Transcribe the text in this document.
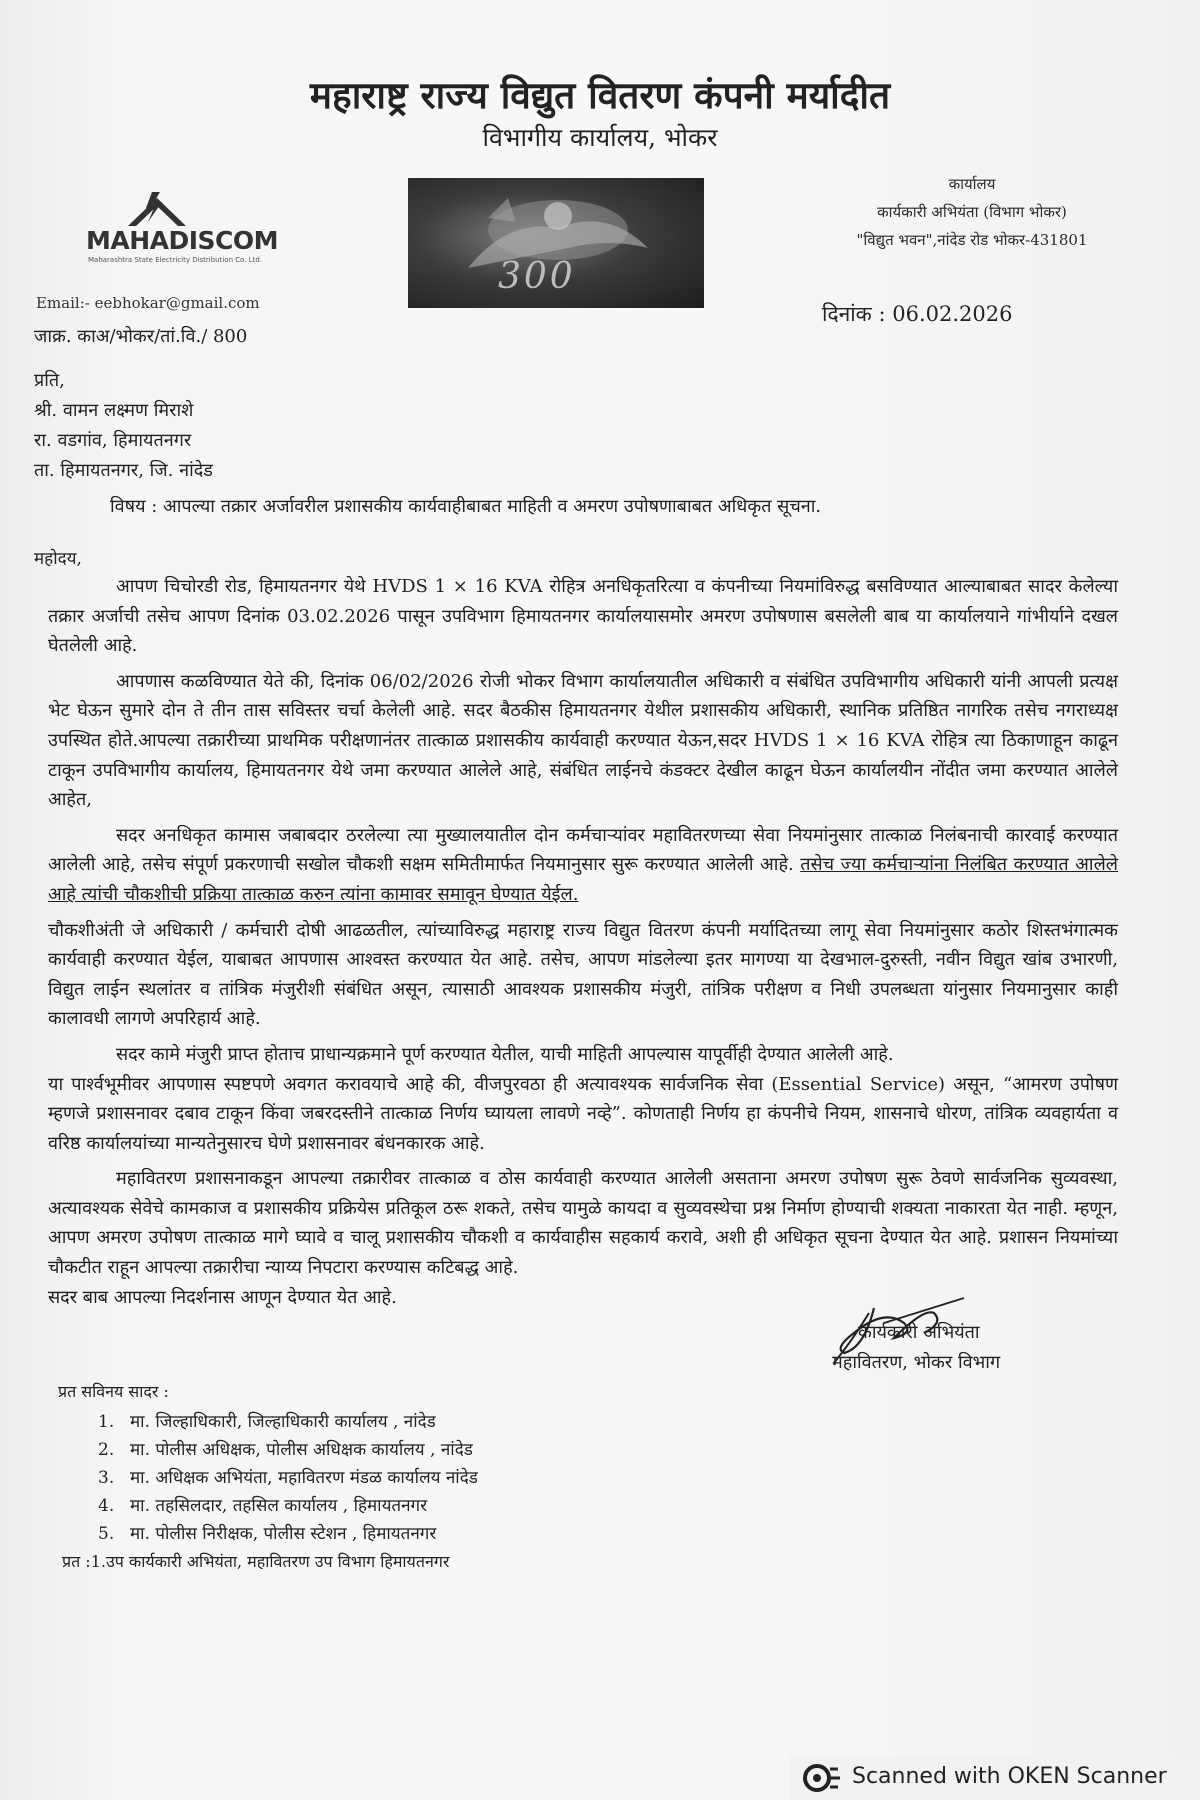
महाराष्ट्र राज्य विद्युत वितरण कंपनी मर्यादीत
विभागीय कार्यालय, भोकर
MAHADISCOM
Maharashtra State Electricity Distribution Co. Ltd.	300
कार्यालय
कार्यकारी अभियंता (विभाग भोकर)
"विद्युत भवन",नांदेड रोड भोकर-431801
Email:- eebhokar@gmail.com	दिनांक : 06.02.2026
जाक्र. काअ/भोकर/तां.वि./ 800
प्रति,
श्री. वामन लक्ष्मण मिराशे
रा. वडगांव, हिमायतनगर
ता. हिमायतनगर, जि. नांदेड
विषय : आपल्या तक्रार अर्जावरील प्रशासकीय कार्यवाहीबाबत माहिती व अमरण उपोषणाबाबत अधिकृत सूचना.
महोदय,

आपण चिचोरडी रोड, हिमायतनगर येथे HVDS 1 × 16 KVA रोहित्र अनधिकृतरित्या व कंपनीच्या नियमांविरुद्ध बसविण्यात आल्याबाबत सादर केलेल्या तक्रार अर्जाची तसेच आपण दिनांक 03.02.2026 पासून उपविभाग हिमायतनगर कार्यालयासमोर अमरण उपोषणास बसलेली बाब या कार्यालयाने गांभीर्याने दखल घेतलेली आहे.

आपणास कळविण्यात येते की, दिनांक 06/02/2026 रोजी भोकर विभाग कार्यालयातील अधिकारी व संबंधित उपविभागीय अधिकारी यांनी आपली प्रत्यक्ष भेट घेऊन सुमारे दोन ते तीन तास सविस्तर चर्चा केलेली आहे. सदर बैठकीस हिमायतनगर येथील प्रशासकीय अधिकारी, स्थानिक प्रतिष्ठित नागरिक तसेच नगराध्यक्ष उपस्थित होते.आपल्या तक्रारीच्या प्राथमिक परीक्षणानंतर तात्काळ प्रशासकीय कार्यवाही करण्यात येऊन,सदर HVDS 1 × 16 KVA रोहित्र त्या ठिकाणाहून काढून टाकून उपविभागीय कार्यालय, हिमायतनगर येथे जमा करण्यात आलेले आहे, संबंधित लाईनचे कंडक्टर देखील काढून घेऊन कार्यालयीन नोंदीत जमा करण्यात आलेले आहेत,

सदर अनधिकृत कामास जबाबदार ठरलेल्या त्या मुख्यालयातील दोन कर्मचाऱ्यांवर महावितरणच्या सेवा नियमांनुसार तात्काळ निलंबनाची कारवाई करण्यात आलेली आहे, तसेच संपूर्ण प्रकरणाची सखोल चौकशी सक्षम समितीमार्फत नियमानुसार सुरू करण्यात आलेली आहे. तसेच ज्या कर्मचाऱ्यांना निलंबित करण्यात आलेले आहे त्यांची चौकशीची प्रक्रिया तात्काळ करुन त्यांना कामावर समावून घेण्यात येईल.

चौकशीअंती जे अधिकारी / कर्मचारी दोषी आढळतील, त्यांच्याविरुद्ध महाराष्ट्र राज्य विद्युत वितरण कंपनी मर्यादितच्या लागू सेवा नियमांनुसार कठोर शिस्तभंगात्मक कार्यवाही करण्यात येईल, याबाबत आपणास आश्वस्त करण्यात येत आहे. तसेच, आपण मांडलेल्या इतर मागण्या या देखभाल-दुरुस्ती, नवीन विद्युत खांब उभारणी, विद्युत लाईन स्थलांतर व तांत्रिक मंजुरीशी संबंधित असून, त्यासाठी आवश्यक प्रशासकीय मंजुरी, तांत्रिक परीक्षण व निधी उपलब्धता यांनुसार नियमानुसार काही कालावधी लागणे अपरिहार्य आहे.

सदर कामे मंजुरी प्राप्त होताच प्राधान्यक्रमाने पूर्ण करण्यात येतील, याची माहिती आपल्यास यापूर्वीही देण्यात आलेली आहे.

या पार्श्वभूमीवर आपणास स्पष्टपणे अवगत करावयाचे आहे की, वीजपुरवठा ही अत्यावश्यक सार्वजनिक सेवा (Essential Service) असून, “आमरण उपोषण म्हणजे प्रशासनावर दबाव टाकून किंवा जबरदस्तीने तात्काळ निर्णय घ्यायला लावणे नव्हे”. कोणताही निर्णय हा कंपनीचे नियम, शासनाचे धोरण, तांत्रिक व्यवहार्यता व वरिष्ठ कार्यालयांच्या मान्यतेनुसारच घेणे प्रशासनावर बंधनकारक आहे.

महावितरण प्रशासनाकडून आपल्या तक्रारीवर तात्काळ व ठोस कार्यवाही करण्यात आलेली असताना अमरण उपोषण सुरू ठेवणे सार्वजनिक सुव्यवस्था, अत्यावश्यक सेवेचे कामकाज व प्रशासकीय प्रक्रियेस प्रतिकूल ठरू शकते, तसेच यामुळे कायदा व सुव्यवस्थेचा प्रश्न निर्माण होण्याची शक्यता नाकारता येत नाही. म्हणून, आपण अमरण उपोषण तात्काळ मागे घ्यावे व चालू प्रशासकीय चौकशी व कार्यवाहीस सहकार्य करावे, अशी ही अधिकृत सूचना देण्यात येत आहे. प्रशासन नियमांच्या चौकटीत राहून आपल्या तक्रारीचा न्याय्य निपटारा करण्यास कटिबद्ध आहे.

सदर बाब आपल्या निदर्शनास आणून देण्यात येत आहे.

कार्यकारी अभियंता
महावितरण, भोकर विभाग
प्रत सविनय सादर :
1. मा. जिल्हाधिकारी, जिल्हाधिकारी कार्यालय , नांदेड
2. मा. पोलीस अधिक्षक, पोलीस अधिक्षक कार्यालय , नांदेड
3. मा. अधिक्षक अभियंता, महावितरण मंडळ कार्यालय नांदेड
4. मा. तहसिलदार, तहसिल कार्यालय , हिमायतनगर
5. मा. पोलीस निरीक्षक, पोलीस स्टेशन , हिमायतनगर
प्रत :1.उप कार्यकारी अभियंता, महावितरण उप विभाग हिमायतनगर
Scanned with OKEN Scanner
